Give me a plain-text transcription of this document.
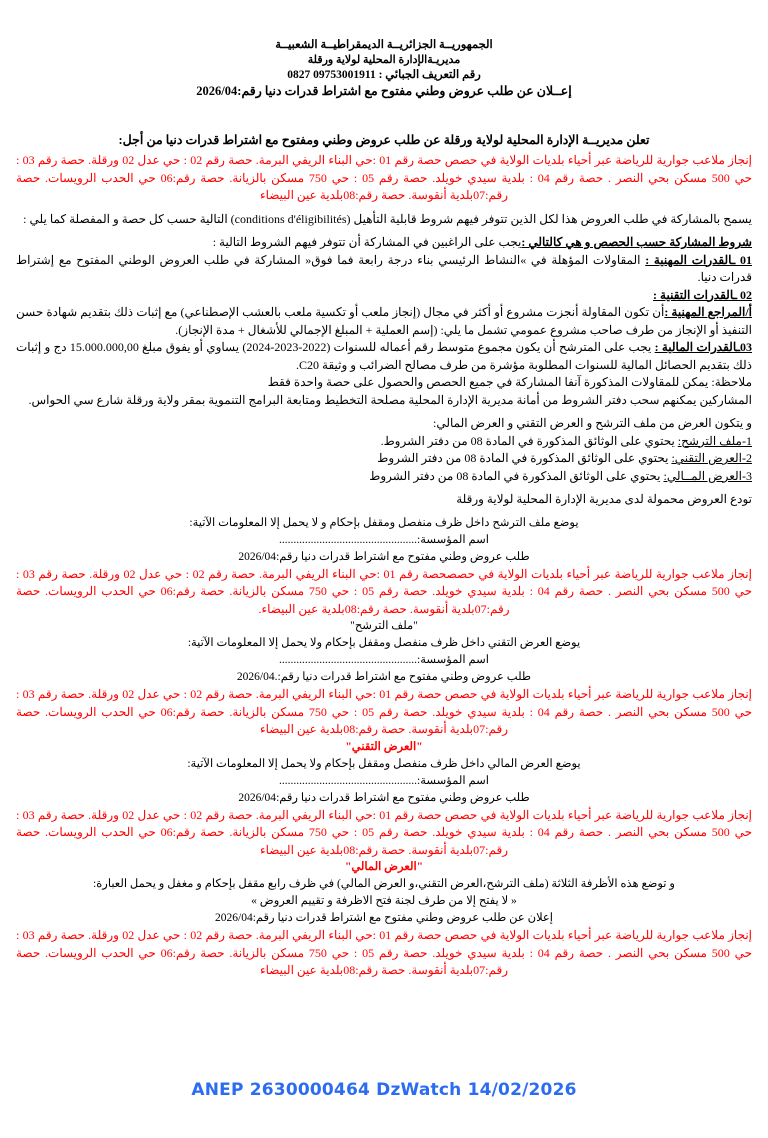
الجمهوريــة الجزائريــة الديمقراطيــة الشعبيــة
مديريـةالإدارة المحلية لولاية ورقلة
رقم التعريف الجبائي : 09753001911 0827
إعــلان عن طلب عروض وطني مفتوح مع اشتراط قدرات دنيا رقم:2026/04

تعلن مديريــة الإدارة المحلية لولاية ورقلة عن طلب عروض وطني ومفتوح مع اشتراط قدرات دنيا من أجل:

إنجاز ملاعب جوارية للرياضة عبر أحياء بلديات الولاية في حصص حصة رقم 01 :حي البناء الريفي البرمة. حصة رقم 02 : حي عدل 02 ورقلة. حصة رقم 03 : حي 500 مسكن بحي النصر . حصة رقم 04 : بلدية سيدي خويلد. حصة رقم 05 : حي 750 مسكن بالزيانة. حصة رقم:06 حي الحدب الرويسات. حصة رقم:07بلدية أنقوسة. حصة رقم:08بلدية عين البيضاء

يسمح بالمشاركة في طلب العروض هذا لكل الذين تتوفر فيهم شروط قابلية التأهيل (conditions d'éligibilités) التالية حسب كل حصة و المفصلة كما يلي :

شروط المشاركة حسب الحصص و هي كالتالي :يجب على الراغبين في المشاركة أن تتوفر فيهم الشروط التالية :

01 ـالقدرات المهنية : المقاولات المؤهلة في »النشاط الرئيسي بناء درجة رابعة فما فوق« المشاركة في طلب العروض الوطني المفتوح مع إشتراط قدرات دنيا.

02 ـالقدرات التقنية :

أ/المراجع المهنية :أن تكون المقاولة أنجزت مشروع أو أكثر في مجال (إنجاز ملعب أو تكسية ملعب بالعشب الإصطناعي) مع إثبات ذلك بتقديم شهادة حسن التنفيذ أو الإنجاز من طرف صاحب مشروع عمومي تشمل ما يلي: (إسم العملية + المبلغ الإجمالي للأشغال + مدة الإنجاز).

03ـالقدرات المالية : يجب على المترشح أن يكون مجموع متوسط رقم أعماله للسنوات (2022-2023-2024) يساوي أو يفوق مبلغ 15.000.000,00 دج و إثبات ذلك بتقديم الحصائل المالية للسنوات المطلوبة مؤشرة من طرف مصالح الضرائب و وثيقة C20.

ملاحظة: يمكن للمقاولات المذكورة آنفا المشاركة في جميع الحصص والحصول على حصة واحدة فقط

المشاركين يمكنهم سحب دفتر الشروط من أمانة مديرية الإدارة المحلية مصلحة التخطيط ومتابعة البرامج التنموية بمقر ولاية ورقلة شارع سي الحواس.

و يتكون العرض من ملف الترشح و العرض التقني و العرض المالي:

1-ملف الترشح: يحتوي على الوثائق المذكورة في المادة 08 من دفتر الشروط.

2-العرض التقني: يحتوي على الوثائق المذكورة في المادة 08 من دفتر الشروط

3-العرض المــالي: يحتوي على الوثائق المذكورة في المادة 08 من دفتر الشروط

تودع العروض محمولة لدى مديرية الإدارة المحلية لولاية ورقلة

يوضع ملف الترشح داخل ظرف منفصل ومقفل بإحكام و لا يحمل إلا المعلومات الآتية:

اسم المؤسسة:................................................

طلب عروض وطني مفتوح مع اشتراط قدرات دنيا رقم:2026/04

إنجاز ملاعب جوارية للرياضة عبر أحياء بلديات الولاية في حصصحصة رقم 01 :حي البناء الريفي البرمة. حصة رقم 02 : حي عدل 02 ورقلة. حصة رقم 03 : حي 500 مسكن بحي النصر . حصة رقم 04 : بلدية سيدي خويلد. حصة رقم 05 : حي 750 مسكن بالزيانة. حصة رقم:06 حي الحدب الرويسات. حصة رقم:07بلدية أنقوسة. حصة رقم:08بلدية عين البيضاء.

"ملف الترشح"

يوضع العرض التقني داخل ظرف منفصل ومقفل بإحكام ولا يحمل إلا المعلومات الآتية:

اسم المؤسسة:................................................

طلب عروض وطني مفتوح مع اشتراط قدرات دنيا رقم:.2026/04

إنجاز ملاعب جوارية للرياضة عبر أحياء بلديات الولاية في حصص حصة رقم 01 :حي البناء الريفي البرمة. حصة رقم 02 : حي عدل 02 ورقلة. حصة رقم 03 : حي 500 مسكن بحي النصر . حصة رقم 04 : بلدية سيدي خويلد. حصة رقم 05 : حي 750 مسكن بالزيانة. حصة رقم:06 حي الحدب الرويسات. حصة رقم:07بلدية أنقوسة. حصة رقم:08بلدية عين البيضاء

"العرض التقني"

يوضع العرض المالي داخل ظرف منفصل ومقفل بإحكام ولا يحمل إلا المعلومات الآتية:

اسم المؤسسة:................................................

طلب عروض وطني مفتوح مع اشتراط قدرات دنيا رقم:2026/04

إنجاز ملاعب جوارية للرياضة عبر أحياء بلديات الولاية في حصص حصة رقم 01 :حي البناء الريفي البرمة. حصة رقم 02 : حي عدل 02 ورقلة. حصة رقم 03 : حي 500 مسكن بحي النصر . حصة رقم 04 : بلدية سيدي خويلد. حصة رقم 05 : حي 750 مسكن بالزيانة. حصة رقم:06 حي الحدب الرويسات. حصة رقم:07بلدية أنقوسة. حصة رقم:08بلدية عين البيضاء

"العرض المالي"

و توضع هذه الأظرفة الثلاثة (ملف الترشح،العرض التقني،و العرض المالي) في ظرف رابع مقفل بإحكام و مغفل و يحمل العبارة:

« لا يفتح إلا من طرف لجنة فتح الاظرفة و تقييم العروض »

إعلان عن طلب عروض وطني مفتوح مع اشتراط قدرات دنيا رقم:2026/04

إنجاز ملاعب جوارية للرياضة عبر أحياء بلديات الولاية في حصص حصة رقم 01 :حي البناء الريفي البرمة. حصة رقم 02 : حي عدل 02 ورقلة. حصة رقم 03 : حي 500 مسكن بحي النصر . حصة رقم 04 : بلدية سيدي خويلد. حصة رقم 05 : حي 750 مسكن بالزيانة. حصة رقم:06 حي الحدب الرويسات. حصة رقم:07بلدية أنقوسة. حصة رقم:08بلدية عين البيضاء

ANEP 2630000464 DzWatch 14/02/2026
